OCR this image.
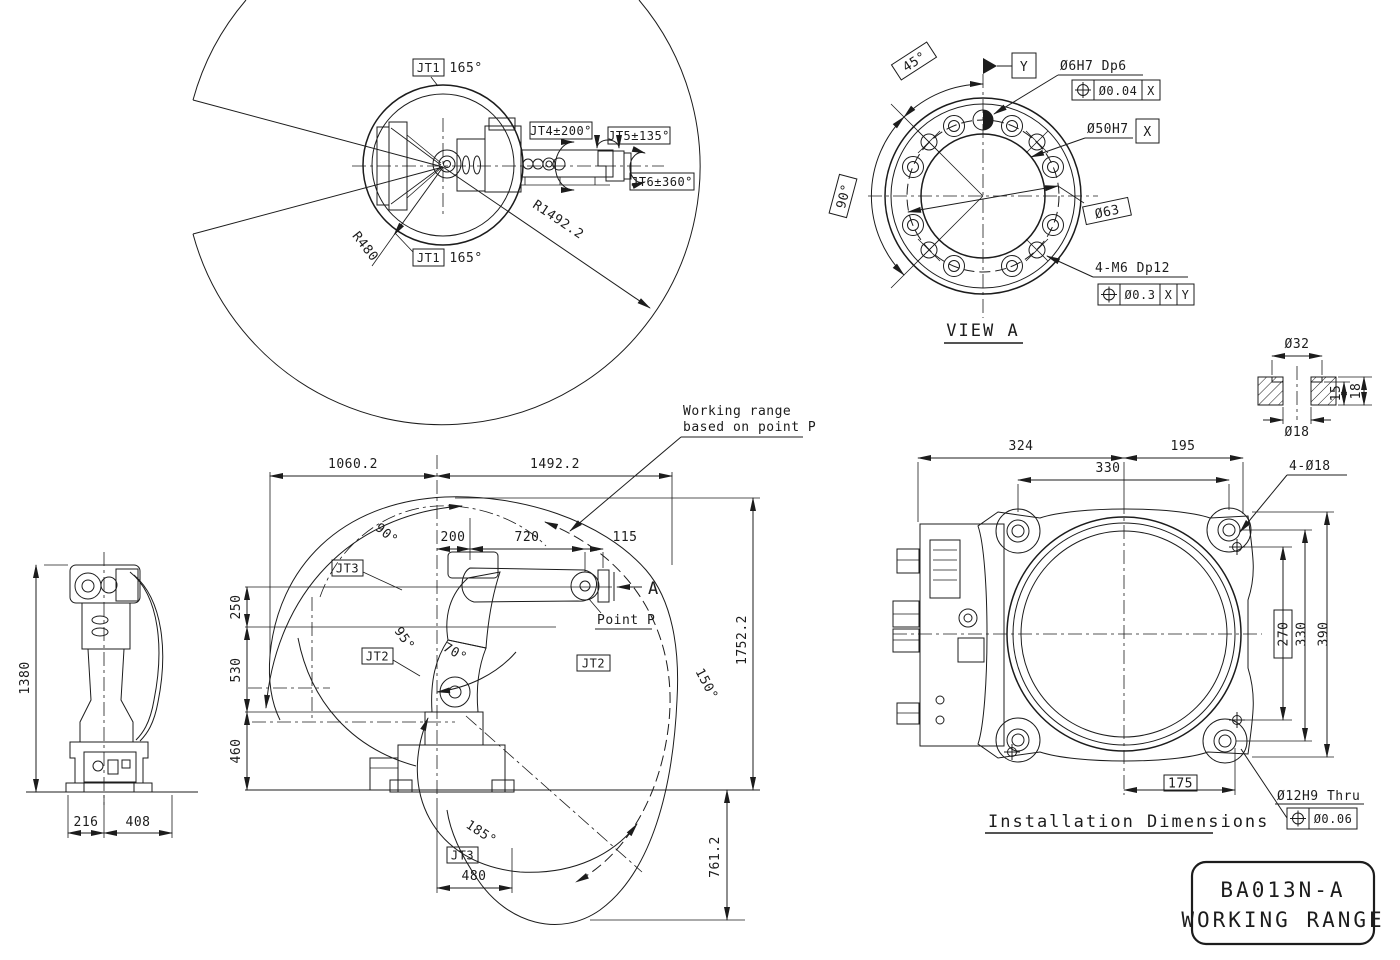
JT1 165°
JT1 165°
JT4±200° JT5±135°
JT6±360°
R480
R1492.2
45°
90°
Y Ø6H7 Dp6
Ø0.04 X
Ø50H7 X
Ø63
4-M6 Dp12
Ø0.3 X Y
VIEW A
Ø32
Ø18
15 18
1380
216 408
1060.2	1492.2
200	720	115
250
530
460
1752.2
761.2
480
90°
95° 70°
150°
185°
JT3
JT2	JT2
JT3
A
Point P
Working range
based on point P
324	195
330	4-Ø18
270 330 390
175
Ø12H9 Thru
Ø0.06
Installation Dimensions
BA013N-A
WORKING RANGE
